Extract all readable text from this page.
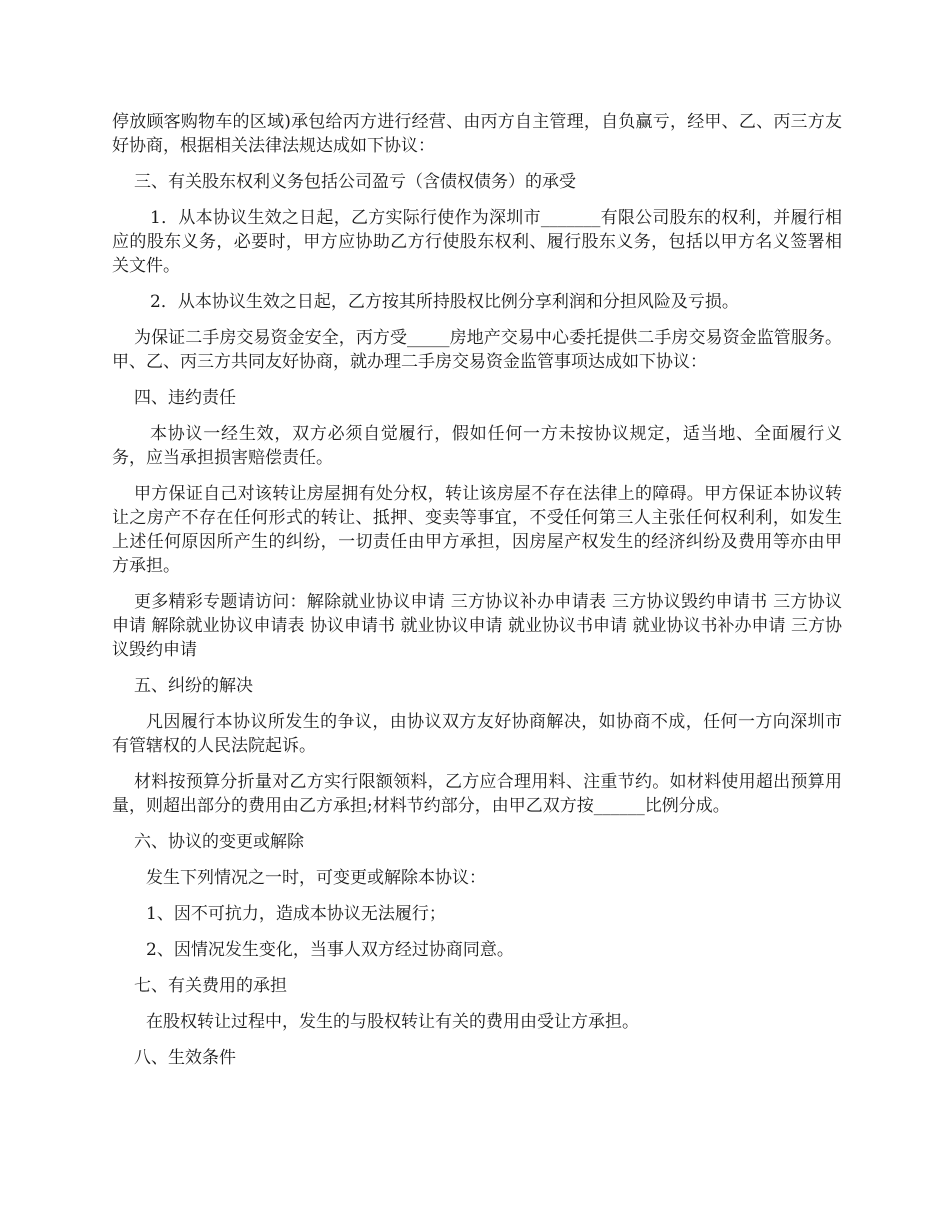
停放顾客购物车的区域)承包给丙方进行经营、由丙方自主管理，自负赢亏，经甲、乙、丙三方友好协商，根据相关法律法规达成如下协议：

三、有关股东权利义务包括公司盈亏（含债权债务）的承受

1．从本协议生效之日起，乙方实际行使作为深圳市_______有限公司股东的权利，并履行相应的股东义务，必要时，甲方应协助乙方行使股东权利、履行股东义务，包括以甲方名义签署相关文件。

2．从本协议生效之日起，乙方按其所持股权比例分享利润和分担风险及亏损。

为保证二手房交易资金安全，丙方受_____房地产交易中心委托提供二手房交易资金监管服务。甲、乙、丙三方共同友好协商，就办理二手房交易资金监管事项达成如下协议：

四、违约责任

本协议一经生效，双方必须自觉履行，假如任何一方未按协议规定，适当地、全面履行义务，应当承担损害赔偿责任。

甲方保证自己对该转让房屋拥有处分权，转让该房屋不存在法律上的障碍。甲方保证本协议转让之房产不存在任何形式的转让、抵押、变卖等事宜，不受任何第三人主张任何权利利，如发生上述任何原因所产生的纠纷，一切责任由甲方承担，因房屋产权发生的经济纠纷及费用等亦由甲方承担。

更多精彩专题请访问：解除就业协议申请 三方协议补办申请表 三方协议毁约申请书 三方协议申请 解除就业协议申请表 协议申请书 就业协议申请 就业协议书申请 就业协议书补办申请 三方协议毁约申请

五、纠纷的解决

凡因履行本协议所发生的争议，由协议双方友好协商解决，如协商不成，任何一方向深圳市有管辖权的人民法院起诉。

材料按预算分折量对乙方实行限额领料，乙方应合理用料、注重节约。如材料使用超出预算用量，则超出部分的费用由乙方承担;材料节约部分，由甲乙双方按______比例分成。

六、协议的变更或解除

发生下列情况之一时，可变更或解除本协议：

1、因不可抗力，造成本协议无法履行；

2、因情况发生变化，当事人双方经过协商同意。

七、有关费用的承担

在股权转让过程中，发生的与股权转让有关的费用由受让方承担。

八、生效条件
